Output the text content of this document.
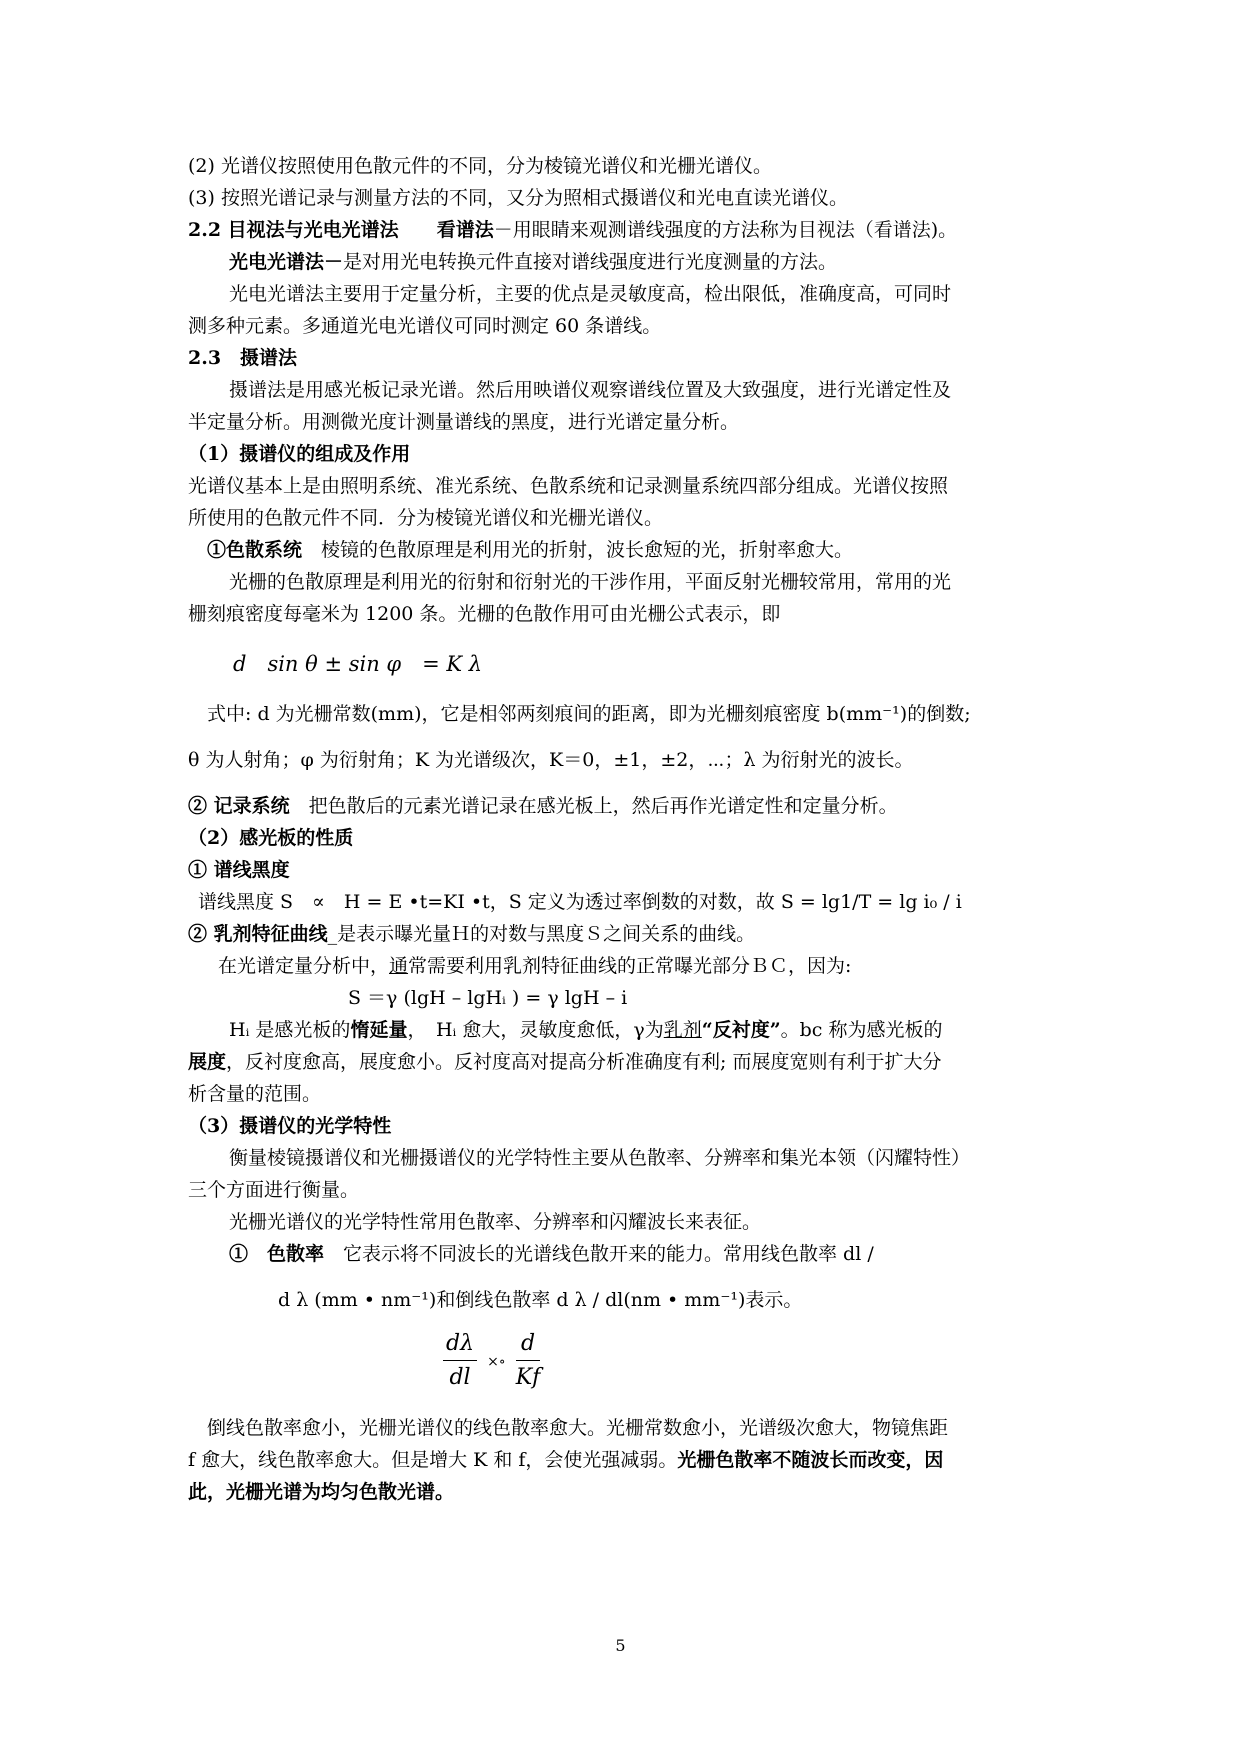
(2) 光谱仪按照使用色散元件的不同，分为棱镜光谱仪和光栅光谱仪。
(3) 按照光谱记录与测量方法的不同，又分为照相式摄谱仪和光电直读光谱仪。
2.2 目视法与光电光谱法　　 看谱法－用眼睛来观测谱线强度的方法称为目视法（看谱法)。
光电光谱法－是对用光电转换元件直接对谱线强度进行光度测量的方法。
光电光谱法主要用于定量分析，主要的优点是灵敏度高，检出限低，准确度高，可同时
测多种元素。多通道光电光谱仪可同时测定 60 条谱线。
2.3　摄谱法
摄谱法是用感光板记录光谱。然后用映谱仪观察谱线位置及大致强度，进行光谱定性及
半定量分析。用测微光度计测量谱线的黑度，进行光谱定量分析。
（1）摄谱仪的组成及作用
光谱仪基本上是由照明系统、准光系统、色散系统和记录测量系统四部分组成。光谱仪按照
所使用的色散元件不同．分为棱镜光谱仪和光栅光谱仪。
①色散系统　棱镜的色散原理是利用光的折射，波长愈短的光，折射率愈大。
光栅的色散原理是利用光的衍射和衍射光的干涉作用，平面反射光栅较常用，常用的光
栅刻痕密度每毫米为 1200 条。光栅的色散作用可由光栅公式表示，即
d　sin θ ± sin φ　= K λ
式中: d 为光栅常数(mm)，它是相邻两刻痕间的距离，即为光栅刻痕密度 b(mm⁻¹)的倒数;
θ 为人射角；φ 为衍射角；K 为光谱级次，K＝0，±1，±2，⋯；λ 为衍射光的波长。
② 记录系统　把色散后的元素光谱记录在感光板上，然后再作光谱定性和定量分析。
（2）感光板的性质
① 谱线黑度
谱线黑度 S　∝　H = E •t=KI •t，S 定义为透过率倒数的对数，故 S = lg1/T = lg i₀ / i
② 乳剂特征曲线_是表示曝光量Ｈ的对数与黑度Ｓ之间关系的曲线。
在光谱定量分析中，通常需要利用乳剂特征曲线的正常曝光部分ＢＣ，因为:
S ＝γ (lgH – lgHᵢ ) = γ lgH – i
Hᵢ 是感光板的惰延量，　Hᵢ 愈大，灵敏度愈低，γ为乳剂“反衬度”。bc 称为感光板的
展度，反衬度愈高，展度愈小。反衬度高对提高分析准确度有利; 而展度宽则有利于扩大分
析含量的范围。
（3）摄谱仪的光学特性
衡量棱镜摄谱仪和光栅摄谱仪的光学特性主要从色散率、分辨率和集光本领（闪耀特性）
三个方面进行衡量。
光栅光谱仪的光学特性常用色散率、分辨率和闪耀波长来表征。
①　色散率　它表示将不同波长的光谱线色散开来的能力。常用线色散率 dl /
d λ (mm • nm⁻¹)和倒线色散率 d λ / dl(nm • mm⁻¹)表示。
$\frac{d\lambda}{dl}$ ×∘ $\frac{d}{Kf}$
倒线色散率愈小，光栅光谱仪的线色散率愈大。光栅常数愈小，光谱级次愈大，物镜焦距
f 愈大，线色散率愈大。但是增大 K 和 f，会使光强减弱。光栅色散率不随波长而改变，因
此，光栅光谱为均匀色散光谱。
5
